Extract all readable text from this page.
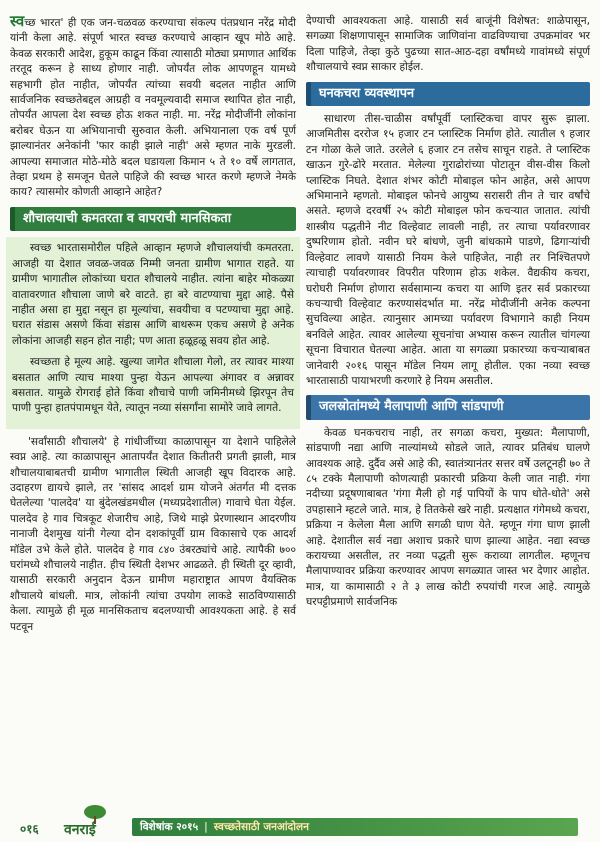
स्वच्छ भारत' ही एक जन-चळवळ करण्याचा संकल्प पंतप्रधान नरेंद्र मोदी यांनी केला आहे. संपूर्ण भारत स्वच्छ करण्याचे आव्हान खूप मोठे आहे. केवळ सरकारी आदेश, हुकूम काढून किंवा त्यासाठी मोठ्या प्रमाणात आर्थिक तरतूद करून हे साध्य होणार नाही. जोपर्यंत लोक आपणहून यामध्ये सहभागी होत नाहीत, जोपर्यंत त्यांच्या सवयी बदलत नाहीत आणि सार्वजनिक स्वच्छतेबद्दल आग्रही व नवमूल्यवादी समाज स्थापित होत नाही, तोपर्यंत आपला देश स्वच्छ होऊ शकत नाही. मा. नरेंद्र मोदीजींनी लोकांना बरोबर घेऊन या अभियानाची सुरुवात केली. अभियानाला एक वर्ष पूर्ण झाल्यानंतर अनेकांनी 'फार काही झाले नाही' असे म्हणत नाके मुरडली. आपल्या समाजात मोठे-मोठे बदल घडायला किमान ५ ते १० वर्षे लागतात, तेव्हा प्रथम हे समजून घेतले पाहिजे की स्वच्छ भारत करणे म्हणजे नेमके काय? त्यासमोर कोणती आव्हाने आहेत?

शौचालयाची कमतरता व वापराची मानसिकता

स्वच्छ भारतासमोरील पहिले आव्हान म्हणजे शौचालयांची कमतरता. आजही या देशात जवळ-जवळ निम्मी जनता ग्रामीण भागात राहते. या ग्रामीण भागातील लोकांच्या घरात शौचालये नाहीत. त्यांना बाहेर मोकळ्या वातावरणात शौचाला जाणे बरे वाटते. हा बरे वाटण्याचा मुद्दा आहे. पैसे नाहीत असा हा मुद्दा नसून हा मूल्यांचा, सवयीचा व पटण्याचा मुद्दा आहे. घरात संडास असणे किंवा संडास आणि बाथरूम एकच असणे हे अनेक लोकांना आजही सहन होत नाही; पण आता हळूहळू सवय होत आहे.

स्वच्छता हे मूल्य आहे. खुल्या जागेत शौचाला गेलो, तर त्यावर माश्या बसतात आणि त्याच माश्या पुन्हा येऊन आपल्या अंगावर व अन्नावर बसतात. यामुळे रोगराई होते किंवा शौचाचे पाणी जमिनीमध्ये झिरपून तेच पाणी पुन्हा हातपंपामधून येते, त्यातून नव्या संसर्गांना सामोरे जावे लागते.

'सर्वांसाठी शौचालये' हे गांधीजींच्या काळापासून या देशाने पाहिलेले स्वप्न आहे. त्या काळापासून आतापर्यंत देशात कितीतरी प्रगती झाली, मात्र शौचालयाबाबतची ग्रामीण भागातील स्थिती आजही खूप विदारक आहे. उदाहरण द्यायचे झाले, तर 'सांसद आदर्श ग्राम योजने अंतर्गत मी दत्तक घेतलेल्या 'पालदेव' या बुंदेलखंडमधील (मध्यप्रदेशातील) गावाचे घेता येईल. पालदेव हे गाव चित्रकूट शेजारीच आहे, जिथे माझे प्रेरणास्थान आदरणीय नानाजी देशमुख यांनी गेल्या दोन दशकांपूर्वी ग्राम विकासाचे एक आदर्श मॉडेल उभे केले होते. पालदेव हे गाव ८४० उंबरठ्यांचे आहे. त्यापैकी ७०० घरांमध्ये शौचालये नाहीत. हीच स्थिती देशभर आढळते. ही स्थिती दूर व्हावी, यासाठी सरकारी अनुदान देऊन ग्रामीण महाराष्ट्रात आपण वैयक्तिक शौचालये बांधली. मात्र, लोकांनी त्यांचा उपयोग लाकडे साठविण्यासाठी केला. त्यामुळे ही मूळ मानसिकताच बदलण्याची आवश्यकता आहे. हे सर्व पटवून

देण्याची आवश्यकता आहे. यासाठी सर्व बाजूंनी विशेषत: शाळेपासून, सगळ्या शिक्षणापासून सामाजिक जाणिवांना वाढविण्याचा उपक्रमांवर भर दिला पाहिजे, तेव्हा कुठे पुढच्या सात-आठ-दहा वर्षांमध्ये गावांमध्ये संपूर्ण शौचालयाचे स्वप्न साकार होईल.

घनकचरा व्यवस्थापन

साधारण तीस-चाळीस वर्षांपूर्वी प्लास्टिकचा वापर सुरू झाला. आजमितीस दररोज १५ हजार टन प्लास्टिक निर्माण होते. त्यातील ९ हजार टन गोळा केले जाते. उरलेले ६ हजार टन तसेच साचून राहते. ते प्लास्टिक खाऊन गुरे-ढोरे मरतात. मेलेल्या गुराढोरांच्या पोटातून वीस-वीस किलो प्लास्टिक निघते. देशात शंभर कोटी मोबाइल फोन आहेत, असे आपण अभिमानाने म्हणतो. मोबाइल फोनचे आयुष्य सरासरी तीन ते चार वर्षांचे असते. म्हणजे दरवर्षी २५ कोटी मोबाइल फोन कचऱ्यात जातात. त्यांची शास्त्रीय पद्धतीने नीट विल्हेवाट लावली नाही, तर त्याचा पर्यावरणावर दुष्परिणाम होतो. नवीन घरे बांधणे, जुनी बांधकामे पाडणे, ढिगाऱ्यांची विल्हेवाट लावणे यासाठी नियम केले पाहिजेत, नाही तर निश्चितपणे त्याचाही पर्यावरणावर विपरीत परिणाम होऊ शकेल. वैद्यकीय कचरा, घरोघरी निर्माण होणारा सर्वसामान्य कचरा या आणि इतर सर्व प्रकारच्या कचऱ्याची विल्हेवाट करण्यासंदर्भात मा. नरेंद्र मोदीजींनी अनेक कल्पना सुचविल्या आहेत. त्यानुसार आमच्या पर्यावरण विभागाने काही नियम बनविले आहेत. त्यावर आलेल्या सूचनांचा अभ्यास करून त्यातील चांगल्या सूचना विचारात घेतल्या आहेत. आता या सगळ्या प्रकारच्या कचऱ्याबाबत जानेवारी २०१६ पासून मॉडेल नियम लागू होतील. एका नव्या स्वच्छ भारतासाठी पायाभरणी करणारे हे नियम असतील.

जलस्रोतांमध्ये मैलापाणी आणि सांडपाणी

केवळ घनकचराच नाही, तर सगळा कचरा, मुख्यत: मैलापाणी, सांडपाणी नद्या आणि नाल्यांमध्ये सोडले जाते, त्यावर प्रतिबंध घालणे आवश्यक आहे. दुर्दैव असे आहे की, स्वातंत्र्यानंतर सत्तर वर्षे उलटूनही ७० ते ८५ टक्के मैलापाणी कोणत्याही प्रकारची प्रक्रिया केली जात नाही. गंगा नदीच्या प्रदूषणाबाबत 'गंगा मैली हो गई पापियों के पाप धोते-धोते' असे उपहासाने म्हटले जाते. मात्र, हे तितकेसे खरे नाही. प्रत्यक्षात गंगेमध्ये कचरा, प्रक्रिया न केलेला मैला आणि सगळी घाण येते. म्हणून गंगा घाण झाली आहे. देशातील सर्व नद्या अशाच प्रकारे घाण झाल्या आहेत. नद्या स्वच्छ करायच्या असतील, तर नव्या पद्धती सुरू कराव्या लागतील. म्हणूनच मैलापाण्यावर प्रक्रिया करण्यावर आपण सगळ्यात जास्त भर देणार आहोत. मात्र, या कामासाठी २ ते ३ लाख कोटी रुपयांची गरज आहे. त्यामुळे घरपट्टीप्रमाणे सार्वजनिक

०१६ वनराई	विशेषांक २०१५ | स्वच्छतेसाठी जनआंदोलन
